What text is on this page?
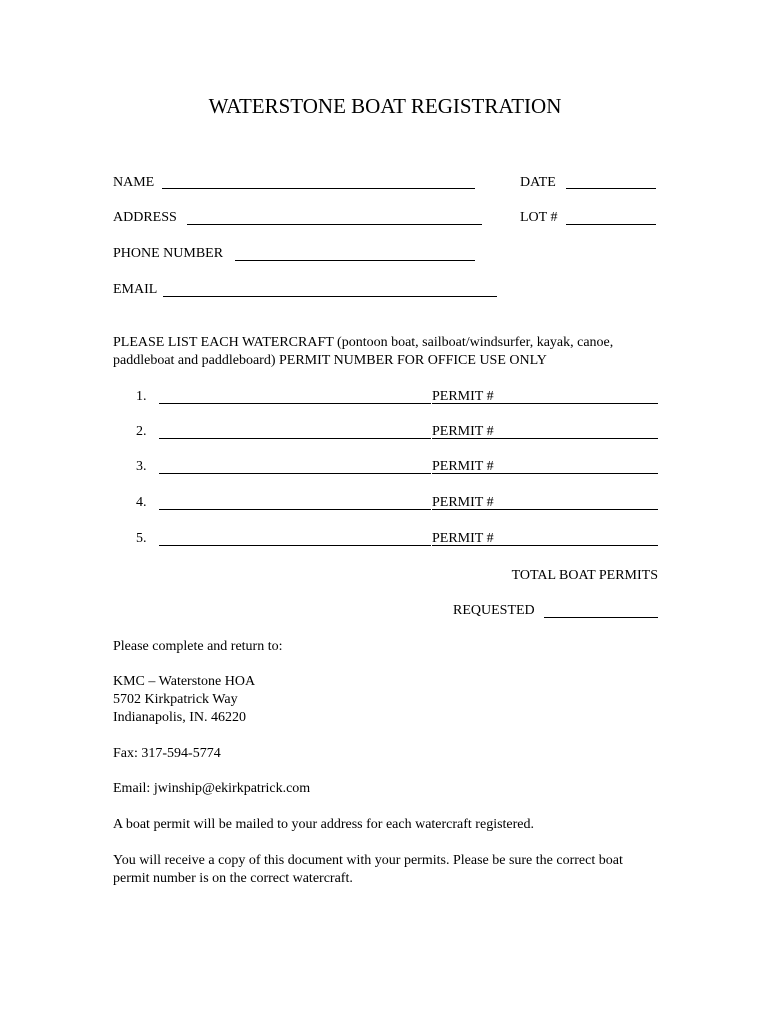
WATERSTONE BOAT REGISTRATION
NAME	DATE
ADDRESS	LOT #
PHONE NUMBER
EMAIL
PLEASE LIST EACH WATERCRAFT (pontoon boat, sailboat/windsurfer, kayak, canoe, paddleboat and paddleboard) PERMIT NUMBER FOR OFFICE USE ONLY
1.	PERMIT #
2.	PERMIT #
3.	PERMIT #
4.	PERMIT #
5.	PERMIT #
TOTAL BOAT PERMITS
REQUESTED
Please complete and return to:
KMC – Waterstone HOA
5702 Kirkpatrick Way
Indianapolis, IN. 46220
Fax: 317-594-5774
Email: jwinship@ekirkpatrick.com
A boat permit will be mailed to your address for each watercraft registered.
You will receive a copy of this document with your permits. Please be sure the correct boat permit number is on the correct watercraft.
